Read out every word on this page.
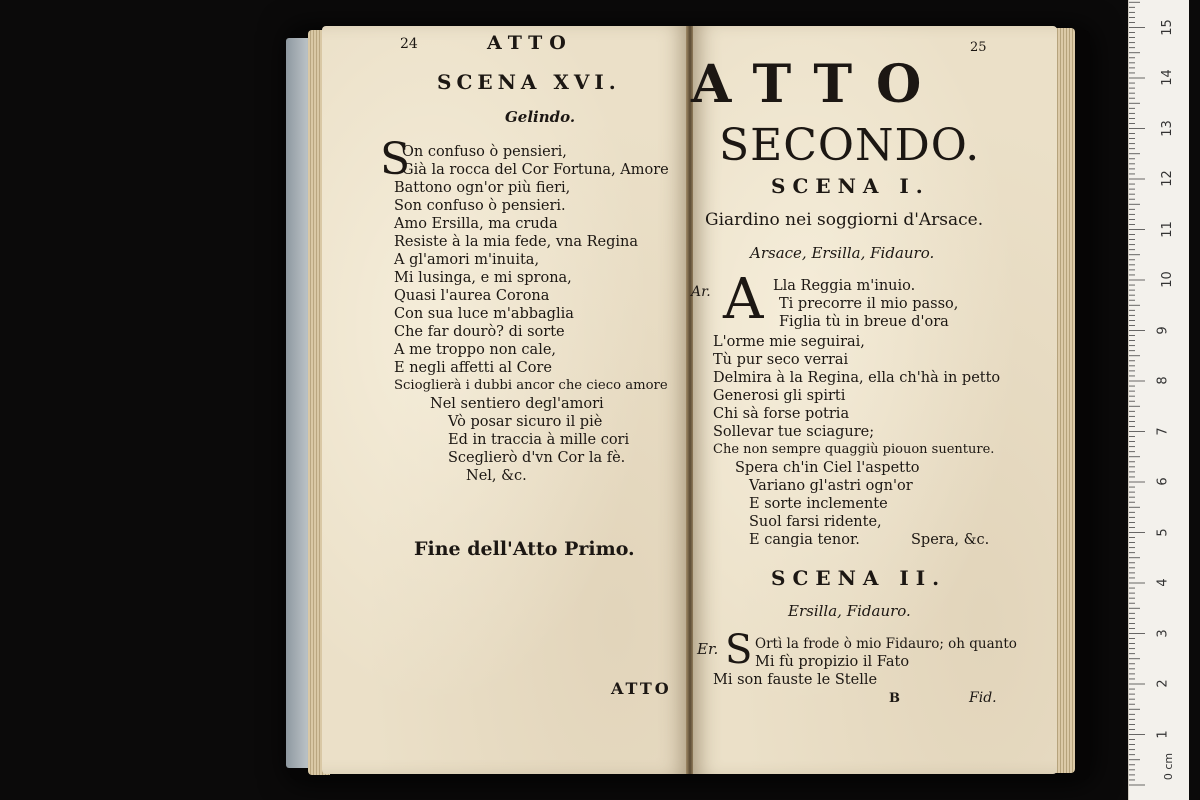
24	ATTO
SCENA XVI.
Gelindo.
S
On confuso ò pensieri,
Già la rocca del Cor Fortuna, Amore
Battono ogn'or più fieri,
Son confuso ò pensieri.
Amo Ersilla, ma cruda
Resiste à la mia fede, vna Regina
A gl'amori m'inuita,
Mi lusinga, e mi sprona,
Quasi l'aurea Corona
Con sua luce m'abbaglia
Che far dourò? di sorte
A me troppo non cale,
E negli affetti al Core
Scioglierà i dubbi ancor che cieco amore
Nel sentiero degl'amori
Vò posar sicuro il piè
Ed in traccia à mille cori
Sceglierò d'vn Cor la fè.
Nel, &c.
Fine dell'Atto Primo.
ATTO
25
ATTO
SECONDO.
SCENA I.
Giardino nei soggiorni d'Arsace.
Arsace, Ersilla, Fidauro.
Ar. A Lla Reggia m'inuio.
Ti precorre il mio passo,
Figlia tù in breue d'ora
L'orme mie seguirai,
Tù pur seco verrai
Delmira à la Regina, ella ch'hà in petto
Generosi gli spirti
Chi sà forse potria
Sollevar tue sciagure;
Che non sempre quaggiù piouon suenture.
Spera ch'in Ciel l'aspetto
Variano gl'astri ogn'or
E sorte inclemente
Suol farsi ridente,
E cangia tenor.	Spera, &c.
SCENA II.
Ersilla, Fidauro.
Er. S Ortì la frode ò mio Fidauro; oh quanto
Mi fù propizio il Fato
Mi son fauste le Stelle
B	Fid.
0 cm
1
2
3
4
5
6
7
8
9
10
11
12
13
14
15
